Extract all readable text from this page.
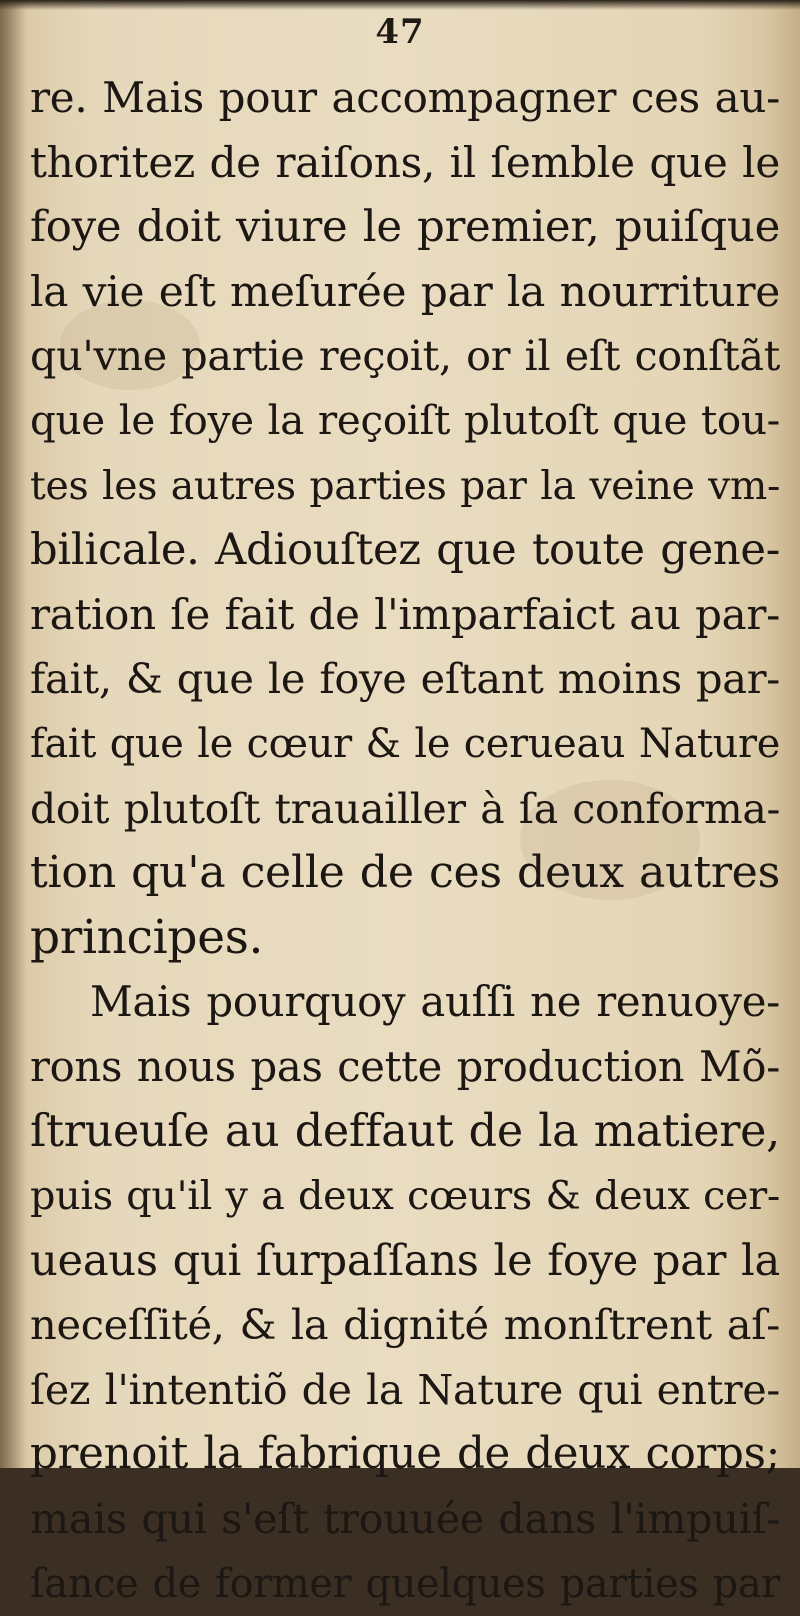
47
re. Mais pour accompagner ces au-
thoritez de raiſons, il ſemble que le
foye doit viure le premier, puiſque
la vie eſt meſurée par la nourriture
qu'vne partie reçoit, or il eſt conſtãt
que le foye la reçoiſt plutoſt que tou-
tes les autres parties par la veine vm-
bilicale. Adiouſtez que toute gene-
ration ſe fait de l'imparfaict au par-
fait, & que le foye eſtant moins par-
fait que le cœur & le cerueau Nature
doit plutoſt trauailler à ſa conforma-
tion qu'a celle de ces deux autres
principes.
Mais pourquoy auſſi ne renuoye-
rons nous pas cette production Mõ-
ſtrueuſe au deffaut de la matiere,
puis qu'il y a deux cœurs & deux cer-
ueaus qui ſurpaſſans le foye par la
neceſſité, & la dignité monſtrent aſ-
ſez l'intentiõ de la Nature qui entre-
prenoit la fabrique de deux corps;
mais qui s'eſt trouuée dans l'impuiſ-
ſance de former quelques parties par
